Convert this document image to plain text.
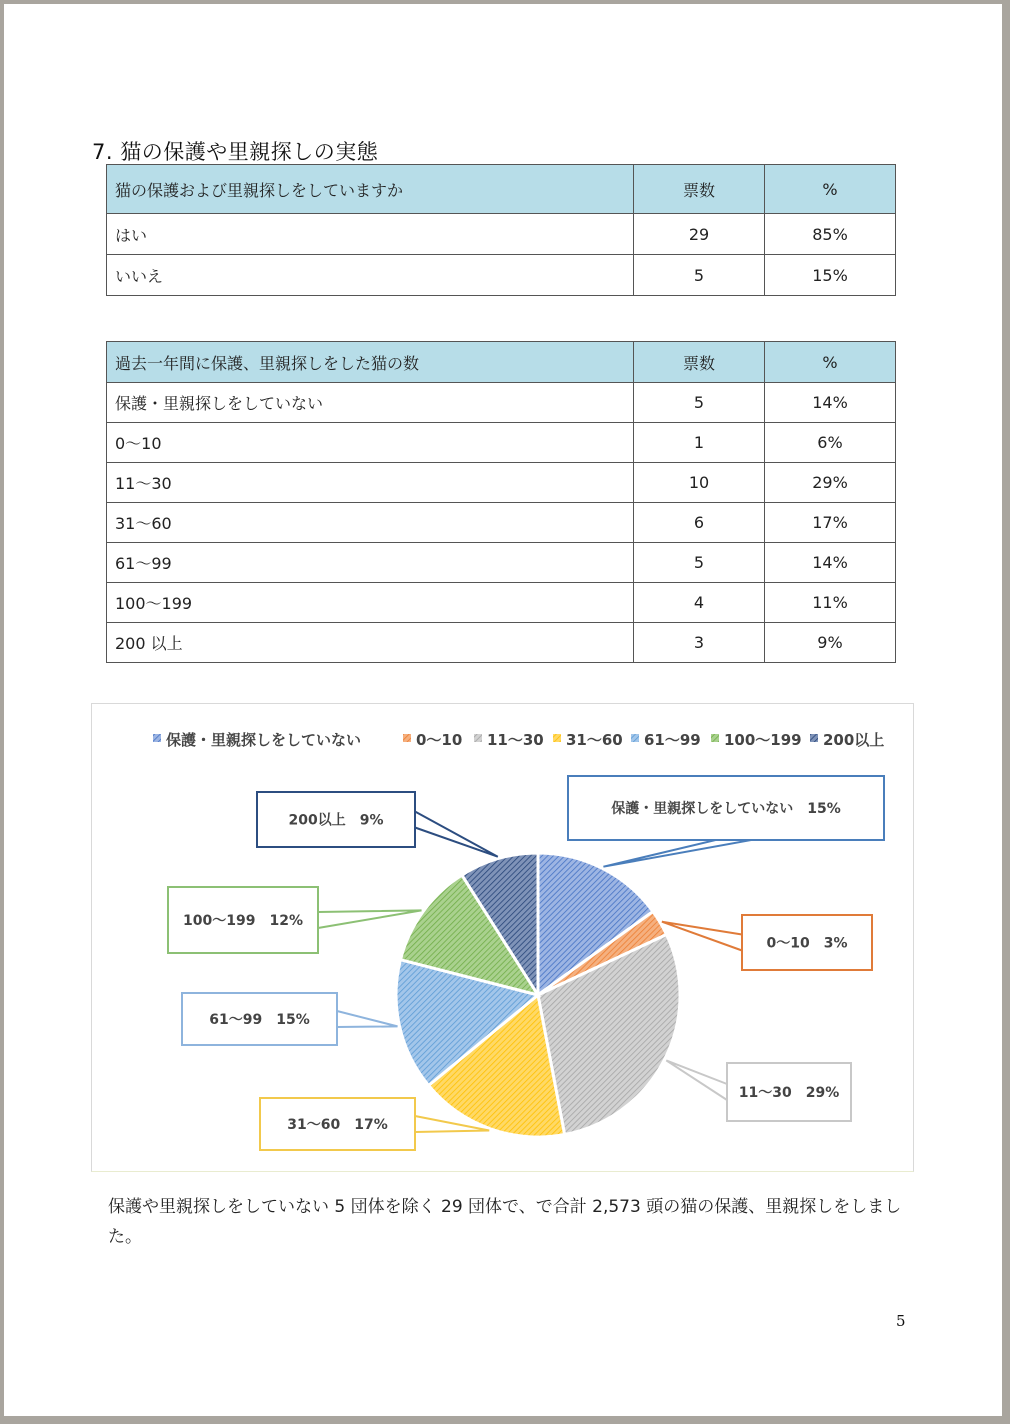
7. 猫の保護や里親探しの実態
猫の保護および里親探しをしていますか	票数	%
はい	29	85%
いいえ	5	15%
過去一年間に保護、里親探しをした猫の数	票数	%
保護・里親探しをしていない	5	14%
0～10	1	6%
11～30	10	29%
31～60	6	17%
61～99	5	14%
100～199	4	11%
200 以上	3	9%
保護・里親探しをしていない	0～10 11～30 31～60 61～99 100～199 200以上
保護・里親探しをしていない　15%
0～10　3%
11～30　29%
31～60　17%
61～99　15%
100～199　12%
200以上　9%
保護や里親探しをしていない 5 団体を除く 29 団体で、で合計 2,573 頭の猫の保護、里親探しをしました。
5
